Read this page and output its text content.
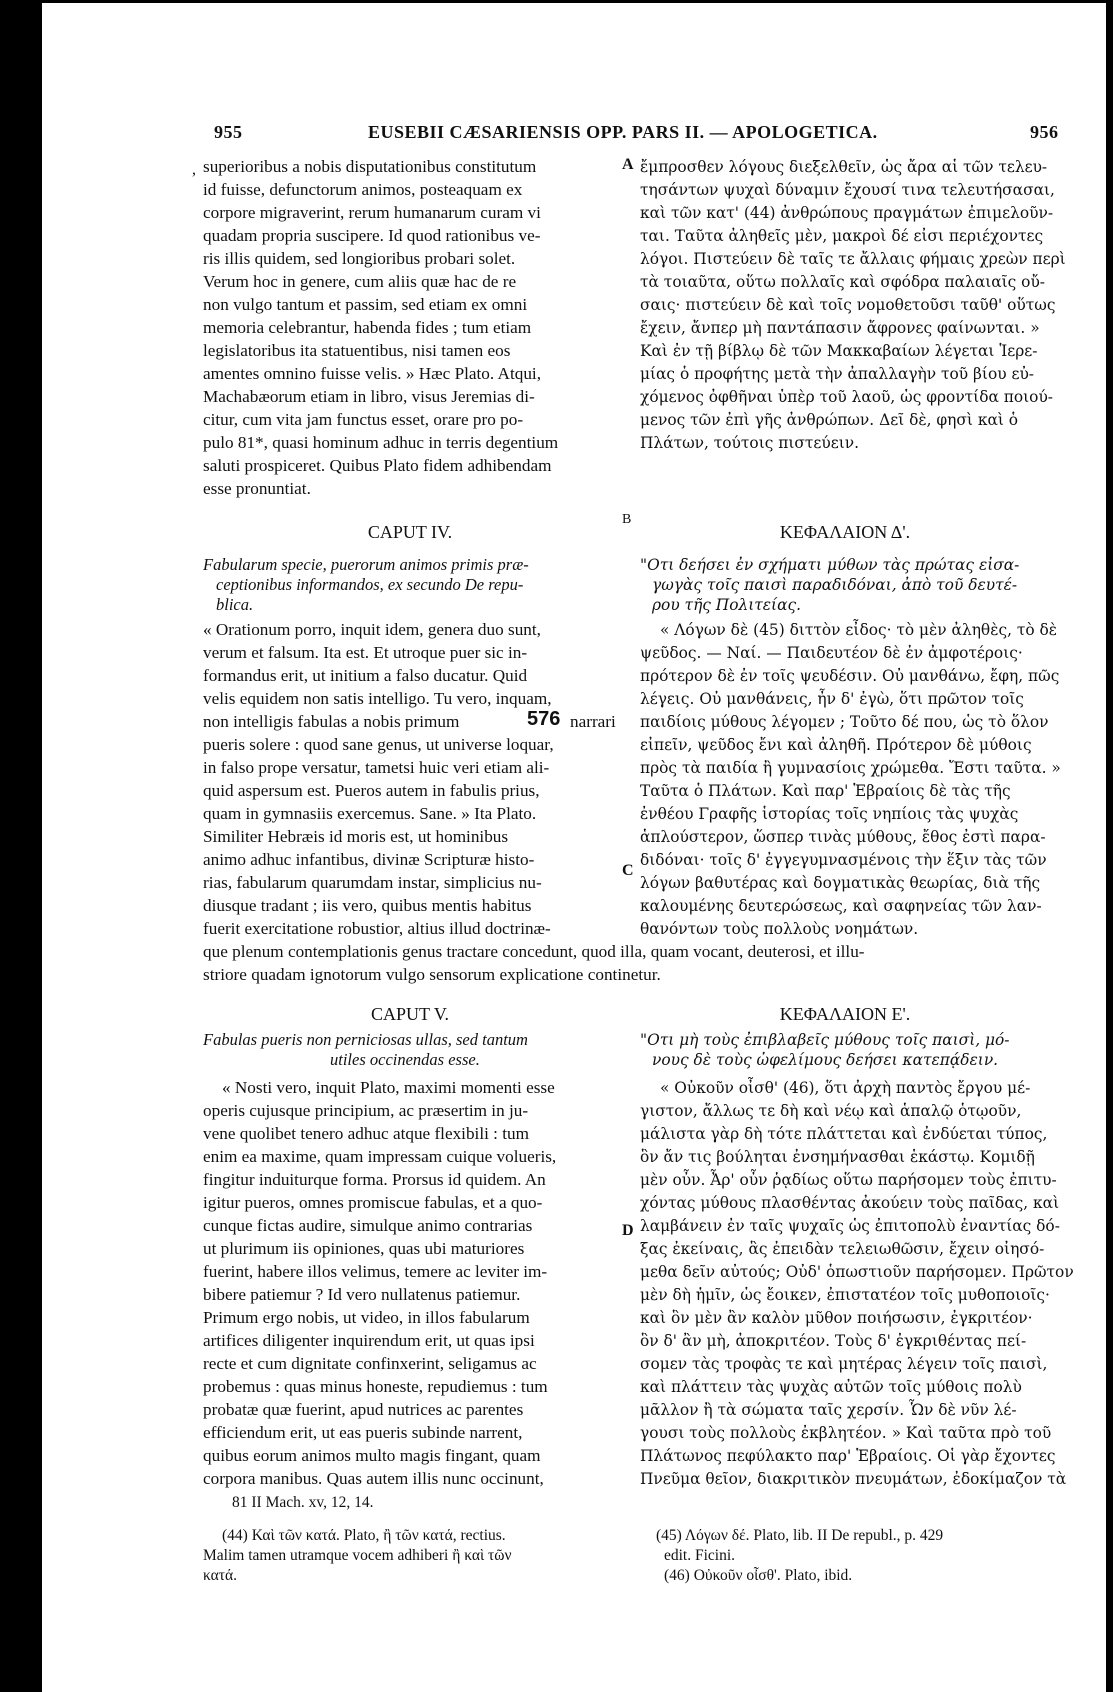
955	EUSEBII CÆSARIENSIS OPP. PARS II. — APOLOGETICA.	956
,	A
B
C
D
superioribus a nobis disputationibus constitutum
id fuisse, defunctorum animos, posteaquam ex
corpore migraverint, rerum humanarum curam vi
quadam propria suscipere. Id quod rationibus ve-
ris illis quidem, sed longioribus probari solet.
Verum hoc in genere, cum aliis quæ hac de re
non vulgo tantum et passim, sed etiam ex omni
memoria celebrantur, habenda fides ; tum etiam
legislatoribus ita statuentibus, nisi tamen eos
amentes omnino fuisse velis. » Hæc Plato. Atqui,
Machabæorum etiam in libro, visus Jeremias di-
citur, cum vita jam functus esset, orare pro po-
pulo 81*, quasi hominum adhuc in terris degentium
saluti prospiceret. Quibus Plato fidem adhibendam
esse pronuntiat.
ἔμπροσθεν λόγους διεξελθεῖν, ὡς ἄρα αἱ τῶν τελευ-
τησάντων ψυχαὶ δύναμιν ἔχουσί τινα τελευτήσασαι,
καὶ τῶν κατ' (44) ἀνθρώπους πραγμάτων ἐπιμελοῦν-
ται. Ταῦτα ἀληθεῖς μὲν, μακροὶ δέ εἰσι περιέχοντες
λόγοι. Πιστεύειν δὲ ταῖς τε ἄλλαις φήμαις χρεὼν περὶ
τὰ τοιαῦτα, οὕτω πολλαῖς καὶ σφόδρα παλαιαῖς οὔ-
σαις· πιστεύειν δὲ καὶ τοῖς νομοθετοῦσι ταῦθ' οὕτως
ἔχειν, ἄνπερ μὴ παντάπασιν ἄφρονες φαίνωνται. »
Καὶ ἐν τῇ βίβλῳ δὲ τῶν Μακκαβαίων λέγεται Ἱερε-
μίας ὁ προφήτης μετὰ τὴν ἀπαλλαγὴν τοῦ βίου εὐ-
χόμενος ὀφθῆναι ὑπὲρ τοῦ λαοῦ, ὡς φροντίδα ποιού-
μενος τῶν ἐπὶ γῆς ἀνθρώπων. Δεῖ δὲ, φησὶ καὶ ὁ
Πλάτων, τούτοις πιστεύειν.
CAPUT IV.
Fabularum specie, puerorum animos primis præ-
ceptionibus informandos, ex secundo De repu-
blica.
ΚΕΦΑΛΑΙΟΝ Δ'.
"Οτι δεήσει ἐν σχήματι μύθων τὰς πρώτας εἰσα-
γωγὰς τοῖς παισὶ παραδιδόναι, ἀπὸ τοῦ δευτέ-
ρου τῆς Πολιτείας.
« Orationum porro, inquit idem, genera duo sunt,
verum et falsum. Ita est. Et utroque puer sic in-
formandus erit, ut initium a falso ducatur. Quid
velis equidem non satis intelligo. Tu vero, inquam,
non intelligis fabulas a nobis primum	576 narrari
pueris solere : quod sane genus, ut universe loquar,
in falso prope versatur, tametsi huic veri etiam ali-
quid aspersum est. Pueros autem in fabulis prius,
quam in gymnasiis exercemus. Sane. » Ita Plato.
Similiter Hebræis id moris est, ut hominibus
animo adhuc infantibus, divinæ Scripturæ histo-
rias, fabularum quarumdam instar, simplicius nu-
diusque tradant ; iis vero, quibus mentis habitus
fuerit exercitatione robustior, altius illud doctrinæ-
« Λόγων δὲ (45) διττὸν εἶδος· τὸ μὲν ἀληθὲς, τὸ δὲ
ψεῦδος. — Ναί. — Παιδευτέον δὲ ἐν ἀμφοτέροις·
πρότερον δὲ ἐν τοῖς ψευδέσιν. Οὐ μανθάνω, ἔφη, πῶς
λέγεις. Οὐ μανθάνεις, ἦν δ' ἐγὼ, ὅτι πρῶτον τοῖς
παιδίοις μύθους λέγομεν ; Τοῦτο δέ που, ὡς τὸ ὅλον
εἰπεῖν, ψεῦδος ἔνι καὶ ἀληθῆ. Πρότερον δὲ μύθοις
πρὸς τὰ παιδία ἢ γυμνασίοις χρώμεθα. Ἔστι ταῦτα. »
Ταῦτα ὁ Πλάτων. Καὶ παρ' Ἑβραίοις δὲ τὰς τῆς
ἐνθέου Γραφῆς ἱστορίας τοῖς νηπίοις τὰς ψυχὰς
ἁπλούστερον, ὥσπερ τινὰς μύθους, ἔθος ἐστὶ παρα-
διδόναι· τοῖς δ' ἐγγεγυμνασμένοις τὴν ἕξιν τὰς τῶν
λόγων βαθυτέρας καὶ δογματικὰς θεωρίας, διὰ τῆς
καλουμένης δευτερώσεως, καὶ σαφηνείας τῶν λαν-
θανόντων τοὺς πολλοὺς νοημάτων.
que plenum contemplationis genus tractare concedunt, quod illa, quam vocant, deuterosi, et illu-
striore quadam ignotorum vulgo sensorum explicatione continetur.
CAPUT V.
Fabulas pueris non perniciosas ullas, sed tantum
utiles occinendas esse.
ΚΕΦΑΛΑΙΟΝ Ε'.
"Οτι μὴ τοὺς ἐπιβλαβεῖς μύθους τοῖς παισὶ, μό-
νους δὲ τοὺς ὠφελίμους δεήσει κατεπᾴδειν.
« Nosti vero, inquit Plato, maximi momenti esse
operis cujusque principium, ac præsertim in ju-
vene quolibet tenero adhuc atque flexibili : tum
enim ea maxime, quam impressam cuique volueris,
fingitur induiturque forma. Prorsus id quidem. An
igitur pueros, omnes promiscue fabulas, et a quo-
cunque fictas audire, simulque animo contrarias
ut plurimum iis opiniones, quas ubi maturiores
fuerint, habere illos velimus, temere ac leviter im-
bibere patiemur ? Id vero nullatenus patiemur.
Primum ergo nobis, ut video, in illos fabularum
artifices diligenter inquirendum erit, ut quas ipsi
recte et cum dignitate confinxerint, seligamus ac
probemus : quas minus honeste, repudiemus : tum
probatæ quæ fuerint, apud nutrices ac parentes
efficiendum erit, ut eas pueris subinde narrent,
quibus eorum animos multo magis fingant, quam
corpora manibus. Quas autem illis nunc occinunt,
« Οὐκοῦν οἶσθ' (46), ὅτι ἀρχὴ παντὸς ἔργου μέ-
γιστον, ἄλλως τε δὴ καὶ νέῳ καὶ ἁπαλῷ ὁτῳοῦν,
μάλιστα γὰρ δὴ τότε πλάττεται καὶ ἐνδύεται τύπος,
ὃν ἄν τις βούληται ἐνσημήνασθαι ἑκάστῳ. Κομιδῇ
μὲν οὖν. Ἆρ' οὖν ῥᾳδίως οὕτω παρήσομεν τοὺς ἐπιτυ-
χόντας μύθους πλασθέντας ἀκούειν τοὺς παῖδας, καὶ
λαμβάνειν ἐν ταῖς ψυχαῖς ὡς ἐπιτοπολὺ ἐναντίας δό-
ξας ἐκείναις, ἃς ἐπειδὰν τελειωθῶσιν, ἔχειν οἰησό-
μεθα δεῖν αὐτούς; Οὐδ' ὁπωστιοῦν παρήσομεν. Πρῶτον
μὲν δὴ ἡμῖν, ὡς ἔοικεν, ἐπιστατέον τοῖς μυθοποιοῖς·
καὶ ὃν μὲν ἂν καλὸν μῦθον ποιήσωσιν, ἐγκριτέον·
ὃν δ' ἂν μὴ, ἀποκριτέον. Τοὺς δ' ἐγκριθέντας πεί-
σομεν τὰς τροφὰς τε καὶ μητέρας λέγειν τοῖς παισὶ,
καὶ πλάττειν τὰς ψυχὰς αὐτῶν τοῖς μύθοις πολὺ
μᾶλλον ἢ τὰ σώματα ταῖς χερσίν. Ὧν δὲ νῦν λέ-
γουσι τοὺς πολλοὺς ἐκβλητέον. » Καὶ ταῦτα πρὸ τοῦ
Πλάτωνος πεφύλακτο παρ' Ἑβραίοις. Οἱ γὰρ ἔχοντες
Πνεῦμα θεῖον, διακριτικὸν πνευμάτων, ἐδοκίμαζον τὰ
81 II Mach. xv, 12, 14.
(44) Καὶ τῶν κατά. Plato, ἢ τῶν κατά, rectius.
Malim tamen utramque vocem adhiberi ἢ καὶ τῶν
κατά.
(45) Λόγων δέ. Plato, lib. II De republ., p. 429
edit. Ficini.
(46) Οὐκοῦν οἶσθ'. Plato, ibid.
